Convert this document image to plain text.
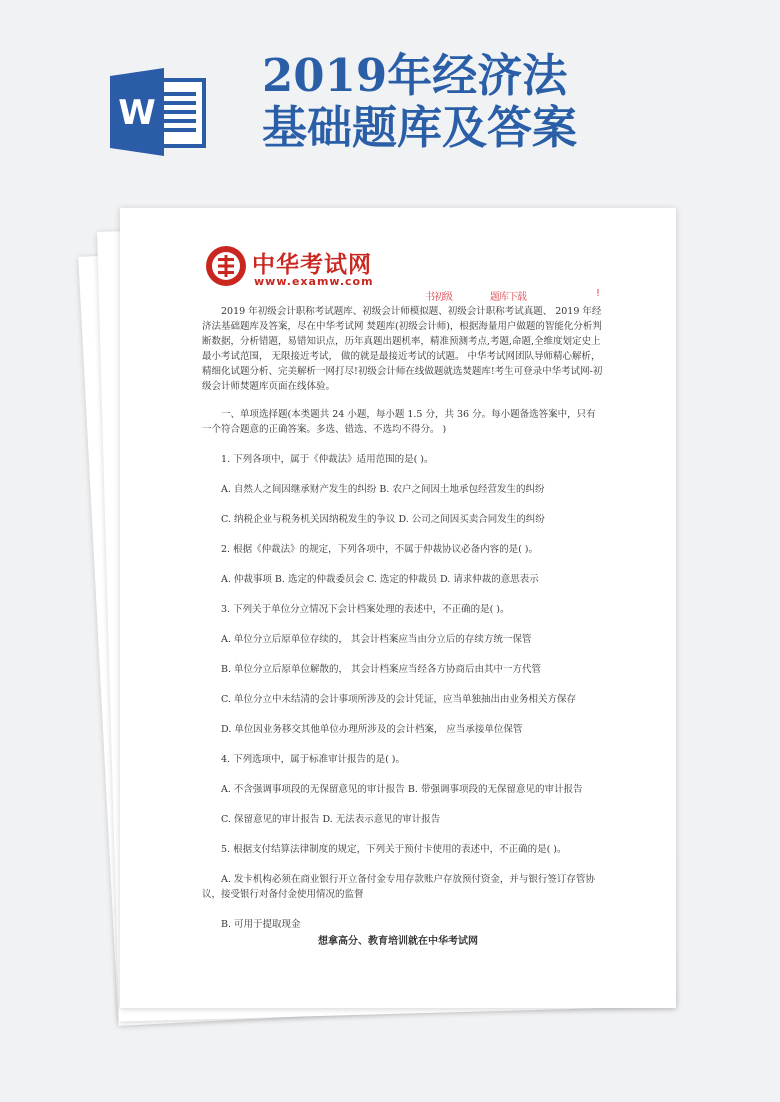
W
2019年经济法
基础题库及答案
中华考试网
www.examw.com
书初级	题库下载	!

2019 年初级会计职称考试题库、初级会计师模拟题、初级会计职称考试真题、 2019 年经济法基础题库及答案，尽在中华考试网 焚题库(初级会计师)，根据海量用户做题的智能化分析判断数据，分析错题，易错知识点，历年真题出题机率，精准预测考点,考题,命题,全维度划定史上最小考试范围， 无限接近考试， 做的就是最接近考试的试题。 中华考试网团队导师精心解析，精细化试题分析、完美解析一网打尽!初级会计师在线做题就选焚题库!考生可登录中华考试网-初级会计师焚题库页面在线体验。

一、单项选择题(本类题共 24 小题，每小题 1.5 分，共 36 分。每小题备选答案中，只有一个符合题意的正确答案。多选、错选、不选均不得分。 )

1. 下列各项中，属于《仲裁法》适用范围的是( )。

A. 自然人之间因继承财产发生的纠纷 B. 农户之间因土地承包经营发生的纠纷

C. 纳税企业与税务机关因纳税发生的争议 D. 公司之间因买卖合同发生的纠纷

2. 根据《仲裁法》的规定，下列各项中，不属于仲裁协议必备内容的是( )。

A. 仲裁事项 B. 选定的仲裁委员会 C. 选定的仲裁员 D. 请求仲裁的意思表示

3. 下列关于单位分立情况下会计档案处理的表述中，不正确的是( )。

A. 单位分立后原单位存续的， 其会计档案应当由分立后的存续方统一保管

B. 单位分立后原单位解散的， 其会计档案应当经各方协商后由其中一方代管

C. 单位分立中未结清的会计事项所涉及的会计凭证，应当单独抽出由业务相关方保存

D. 单位因业务移交其他单位办理所涉及的会计档案， 应当承接单位保管

4. 下列选项中，属于标准审计报告的是( )。

A. 不含强调事项段的无保留意见的审计报告 B. 带强调事项段的无保留意见的审计报告

C. 保留意见的审计报告 D. 无法表示意见的审计报告

5. 根据支付结算法律制度的规定，下列关于预付卡使用的表述中，不正确的是( )。

A. 发卡机构必须在商业银行开立备付金专用存款账户存放预付资金，并与银行签订存管协议，接受银行对备付金使用情况的监督

B. 可用于提取现金

想拿高分、教育培训就在中华考试网
